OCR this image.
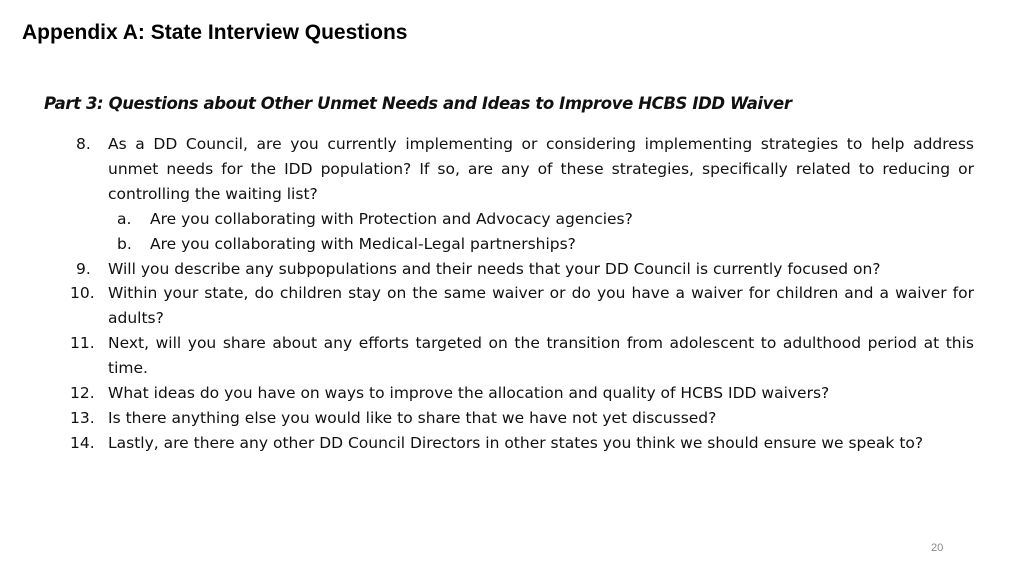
Appendix A: State Interview Questions
Part 3: Questions about Other Unmet Needs and Ideas to Improve HCBS IDD Waiver
8. As a DD Council, are you currently implementing or considering implementing strategies to help address unmet needs for the IDD population? If so, are any of these strategies, specifically related to reducing or controlling the waiting list?
a. Are you collaborating with Protection and Advocacy agencies?
b. Are you collaborating with Medical-Legal partnerships?
9. Will you describe any subpopulations and their needs that your DD Council is currently focused on?
10. Within your state, do children stay on the same waiver or do you have a waiver for children and a waiver for adults?
11. Next, will you share about any efforts targeted on the transition from adolescent to adulthood period at this time.
12. What ideas do you have on ways to improve the allocation and quality of HCBS IDD waivers?
13. Is there anything else you would like to share that we have not yet discussed?
14. Lastly, are there any other DD Council Directors in other states you think we should ensure we speak to?
20
